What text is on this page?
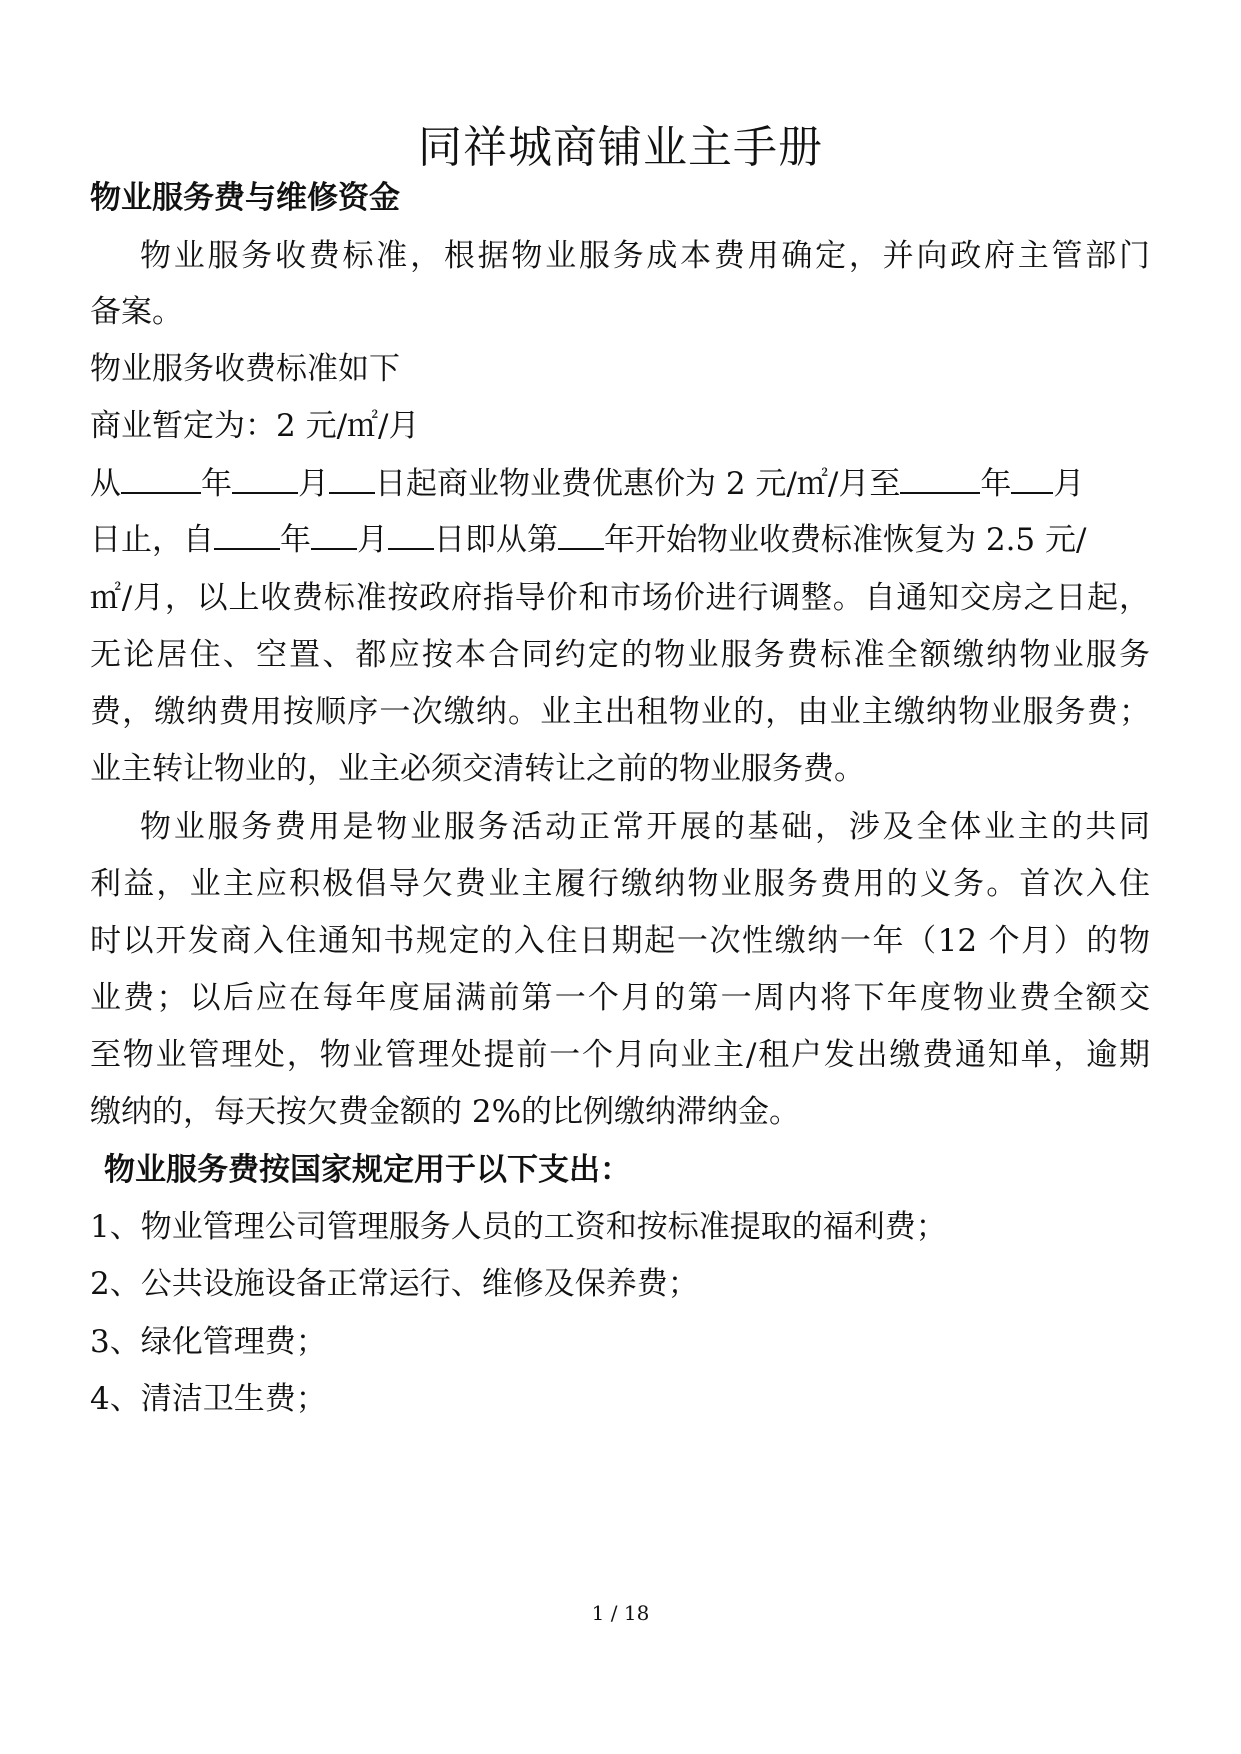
同祥城商铺业主手册
物业服务费与维修资金
物业服务收费标准，根据物业服务成本费用确定，并向政府主管部门
备案。
物业服务收费标准如下
商业暂定为：2 元/㎡/月
从	年 月 日起商业物业费优惠价为 2 元/㎡/月至	年 月
日止，自 年 月 日即从第 年开始物业收费标准恢复为 2.5 元/
㎡/月，以上收费标准按政府指导价和市场价进行调整。自通知交房之日起，
无论居住、空置、都应按本合同约定的物业服务费标准全额缴纳物业服务
费，缴纳费用按顺序一次缴纳。业主出租物业的，由业主缴纳物业服务费；
业主转让物业的，业主必须交清转让之前的物业服务费。
物业服务费用是物业服务活动正常开展的基础，涉及全体业主的共同
利益，业主应积极倡导欠费业主履行缴纳物业服务费用的义务。首次入住
时以开发商入住通知书规定的入住日期起一次性缴纳一年（12 个月）的物
业费；以后应在每年度届满前第一个月的第一周内将下年度物业费全额交
至物业管理处，物业管理处提前一个月向业主/租户发出缴费通知单，逾期
缴纳的，每天按欠费金额的 2%的比例缴纳滞纳金。
物业服务费按国家规定用于以下支出：
1、物业管理公司管理服务人员的工资和按标准提取的福利费；
2、公共设施设备正常运行、维修及保养费；
3、绿化管理费；
4、清洁卫生费；
1 / 18
